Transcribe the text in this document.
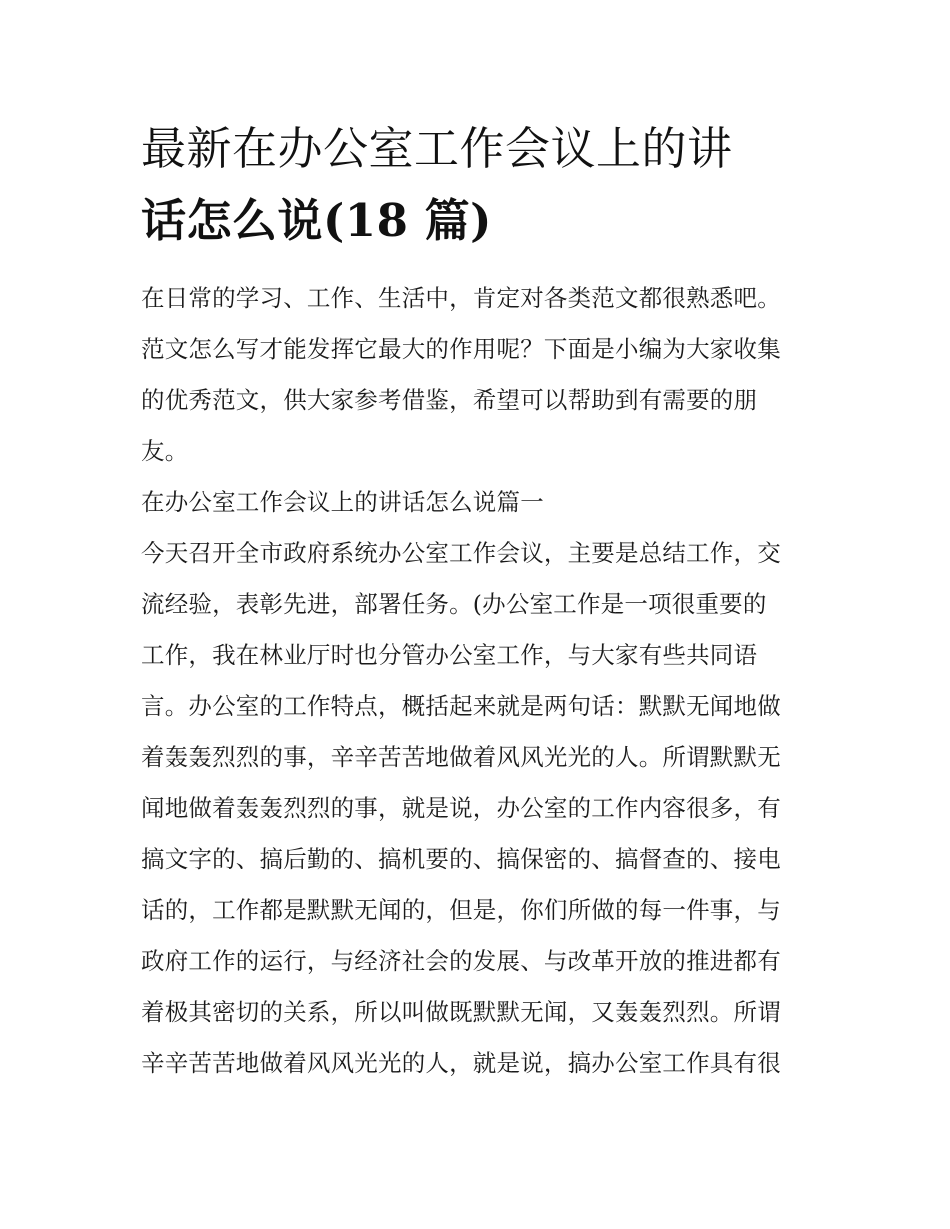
最新在办公室工作会议上的讲
话怎么说(18 篇)
在日常的学习、工作、生活中，肯定对各类范文都很熟悉吧。
范文怎么写才能发挥它最大的作用呢？下面是小编为大家收集
的优秀范文，供大家参考借鉴，希望可以帮助到有需要的朋
友。
在办公室工作会议上的讲话怎么说篇一
今天召开全市政府系统办公室工作会议，主要是总结工作，交
流经验，表彰先进，部署任务。(办公室工作是一项很重要的
工作，我在林业厅时也分管办公室工作，与大家有些共同语
言。办公室的工作特点，概括起来就是两句话：默默无闻地做
着轰轰烈烈的事，辛辛苦苦地做着风风光光的人。所谓默默无
闻地做着轰轰烈烈的事，就是说，办公室的工作内容很多，有
搞文字的、搞后勤的、搞机要的、搞保密的、搞督查的、接电
话的，工作都是默默无闻的，但是，你们所做的每一件事，与
政府工作的运行，与经济社会的发展、与改革开放的推进都有
着极其密切的关系，所以叫做既默默无闻，又轰轰烈烈。所谓
辛辛苦苦地做着风风光光的人，就是说，搞办公室工作具有很
